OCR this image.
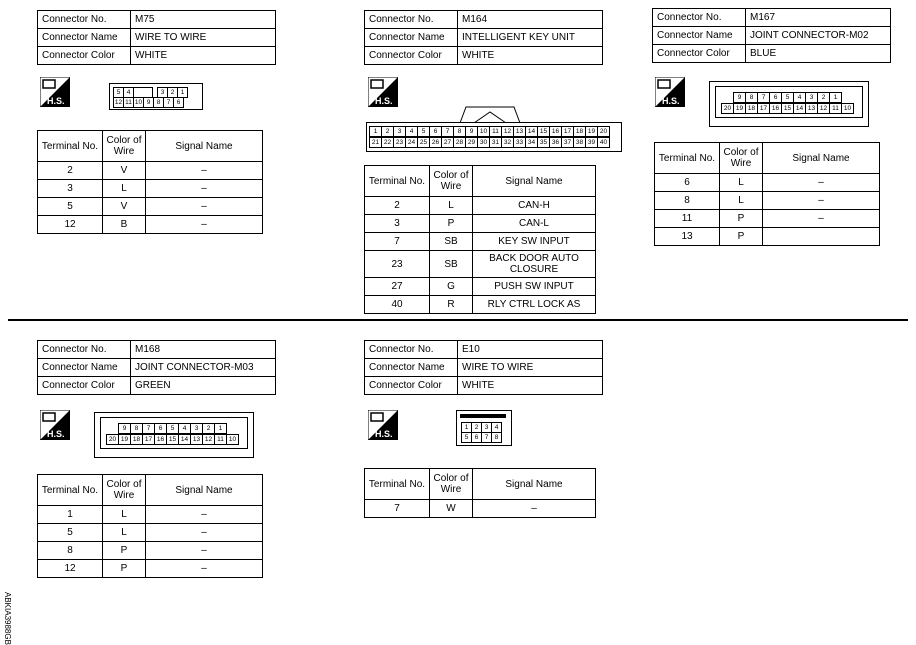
Connector No.	M75
Connector Name	WIRE TO WIRE
Connector Color	WHITE
H.S.
5 4	3 2 1
12 11 10 9 8 7 6
Terminal No.	Color of
Wire	Signal Name
2	V	–
3	L	–
5	V	–
12	B	–
Connector No.	M164
Connector Name	INTELLIGENT KEY UNIT
Connector Color	WHITE
H.S.
1	2	3	4	5	6	7	8	9	10 11 12 13 14 15 16 17 18 19 20
21 22 23 24 25 26 27 28 29 30 31 32 33 34 35 36 37 38 39 40
Terminal No.	Color of
Wire	Signal Name
2	L	CAN-H
3	P	CAN-L
7	SB	KEY SW INPUT
23	SB	BACK DOOR AUTO CLOSURE
27	G	PUSH SW INPUT
40	R	RLY CTRL LOCK AS
Connector No.	M167
Connector Name	JOINT CONNECTOR-M02
Connector Color	BLUE
H.S.	9	8	7	6	5	4	3	2	1
20 19 18 17 16 15 14 13 12 11 10
Terminal No.	Color of
Wire	Signal Name
6	L	–
8	L	–
11	P	–
13	P	
Connector No.	M168
Connector Name	JOINT CONNECTOR-M03
Connector Color	GREEN
H.S.
9	8	7	6	5	4	3	2	1
20 19 18 17 16 15 14 13 12 11 10
Terminal No.	Color of
Wire	Signal Name
1	L	–
5	L	–
8	P	–
12	P	–
Connector No.	E10
Connector Name	WIRE TO WIRE
Connector Color	WHITE
H.S.
1 2 3 4
5 6 7 8
Terminal No.	Color of
Wire	Signal Name
7	W	–
ABKIA3988GB
